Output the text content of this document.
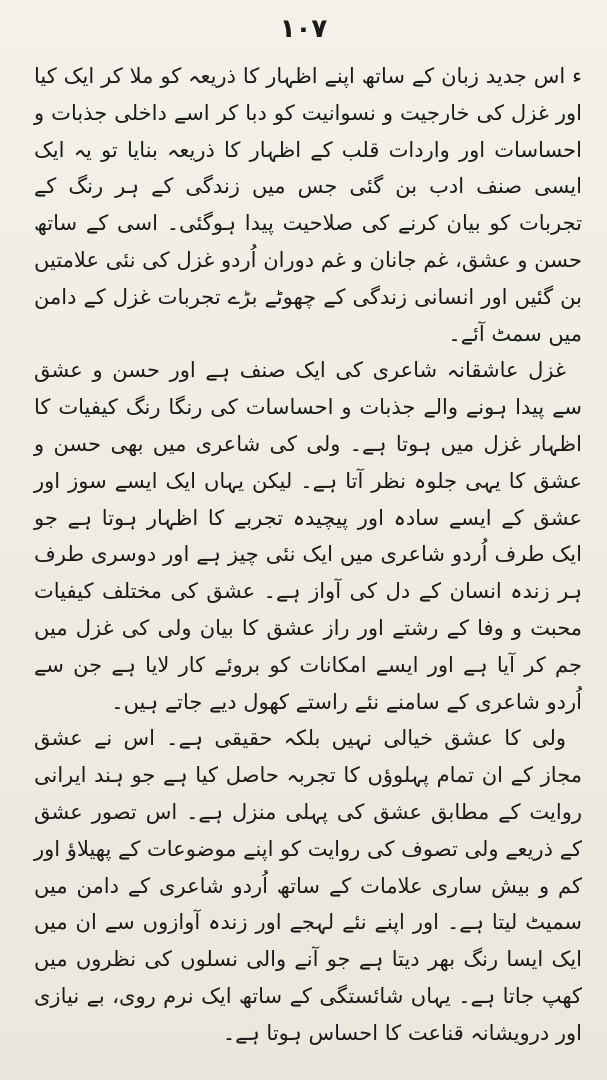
۱۰۷

ء اس جدید زبان کے ساتھ اپنے اظہار کا ذریعہ کو ملا کر ایک کیا اور غزل کی خارجیت و نسوانیت کو دبا کر اسے داخلی جذبات و احساسات اور واردات قلب کے اظہار کا ذریعہ بنایا تو یہ ایک ایسی صنف ادب بن گئی جس میں زندگی کے ہر رنگ کے تجربات کو بیان کرنے کی صلاحیت پیدا ہوگئی۔ اسی کے ساتھ حسن و عشق، غم جانان و غم دوران اُردو غزل کی نئی علامتیں بن گئیں اور انسانی زندگی کے چھوٹے بڑے تجربات غزل کے دامن میں سمٹ آئے۔

غزل عاشقانہ شاعری کی ایک صنف ہے اور حسن و عشق سے پیدا ہونے والے جذبات و احساسات کی رنگا رنگ کیفیات کا اظہار غزل میں ہوتا ہے۔ ولی کی شاعری میں بھی حسن و عشق کا یہی جلوہ نظر آتا ہے۔ لیکن یہاں ایک ایسے سوز اور عشق کے ایسے سادہ اور پیچیدہ تجربے کا اظہار ہوتا ہے جو ایک طرف اُردو شاعری میں ایک نئی چیز ہے اور دوسری طرف ہر زندہ انسان کے دل کی آواز ہے۔ عشق کی مختلف کیفیات محبت و وفا کے رشتے اور راز عشق کا بیان ولی کی غزل میں جم کر آیا ہے اور ایسے امکانات کو بروئے کار لایا ہے جن سے اُردو شاعری کے سامنے نئے راستے کھول دیے جاتے ہیں۔

ولی کا عشق خیالی نہیں بلکہ حقیقی ہے۔ اس نے عشق مجاز کے ان تمام پہلوؤں کا تجربہ حاصل کیا ہے جو ہند ایرانی روایت کے مطابق عشق کی پہلی منزل ہے۔ اس تصور عشق کے ذریعے ولی تصوف کی روایت کو اپنے موضوعات کے پھیلاؤ اور کم و بیش ساری علامات کے ساتھ اُردو شاعری کے دامن میں سمیٹ لیتا ہے۔ اور اپنے نئے لہجے اور زندہ آوازوں سے ان میں ایک ایسا رنگ بھر دیتا ہے جو آنے والی نسلوں کی نظروں میں کھپ جاتا ہے۔ یہاں شائستگی کے ساتھ ایک نرم روی، بے نیازی اور درویشانہ قناعت کا احساس ہوتا ہے۔
